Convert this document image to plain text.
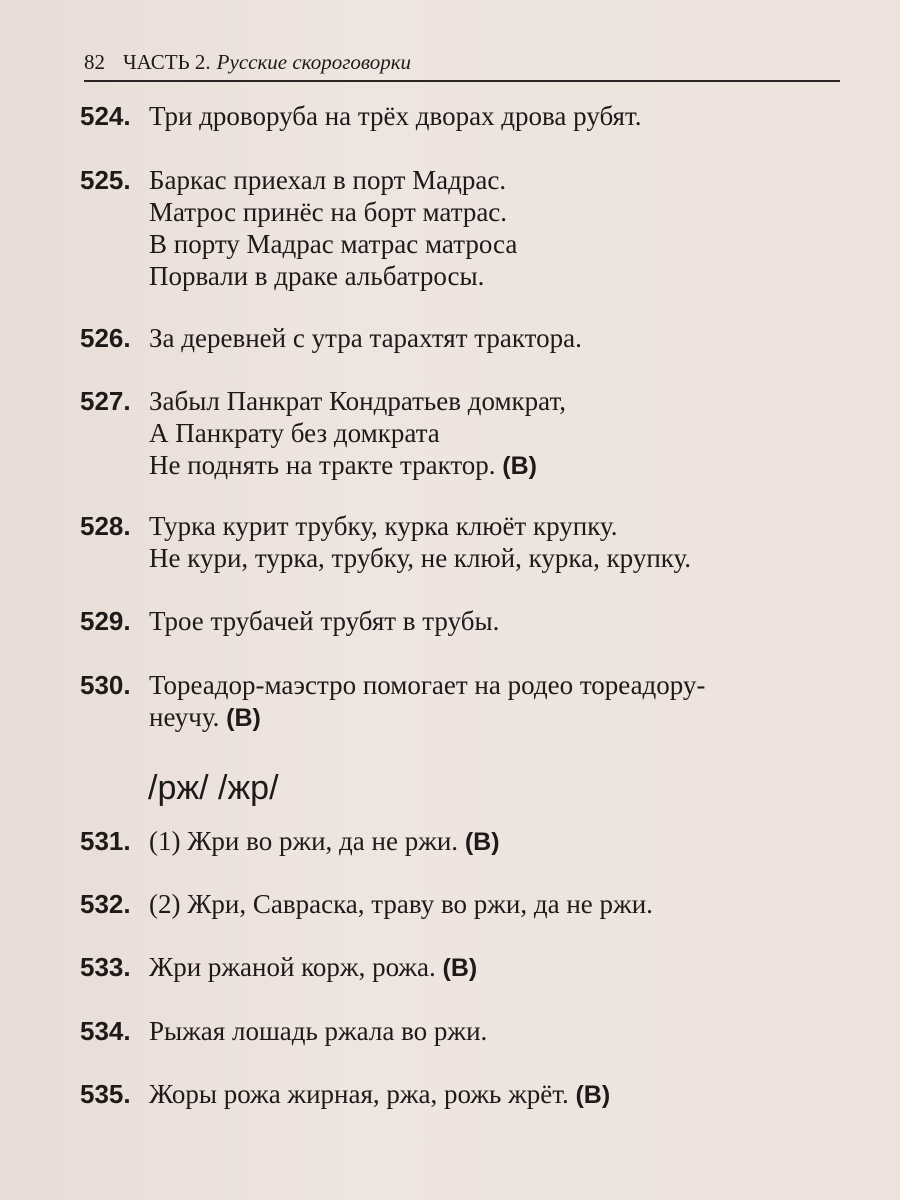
82 ЧАСТЬ 2. Русские скороговорки
524. Три дроворуба на трёх дворах дрова рубят.
525. Баркас приехал в порт Мадрас.
Матрос принёс на борт матрас.
В порту Мадрас матрас матроса
Порвали в драке альбатросы.
526. За деревней с утра тарахтят трактора.
527. Забыл Панкрат Кондратьев домкрат,
А Панкрату без домкрата
Не поднять на тракте трактор. (В)
528. Турка курит трубку, курка клюёт крупку.
Не кури, турка, трубку, не клюй, курка, крупку.
529. Трое трубачей трубят в трубы.
530. Тореадор-маэстро помогает на родео тореадору-
неучу. (В)
/рж/ /жр/
531. (1) Жри во ржи, да не ржи. (В)
532. (2) Жри, Савраска, траву во ржи, да не ржи.
533. Жри ржаной корж, рожа. (В)
534. Рыжая лошадь ржала во ржи.
535. Жоры рожа жирная, ржа, рожь жрёт. (В)
